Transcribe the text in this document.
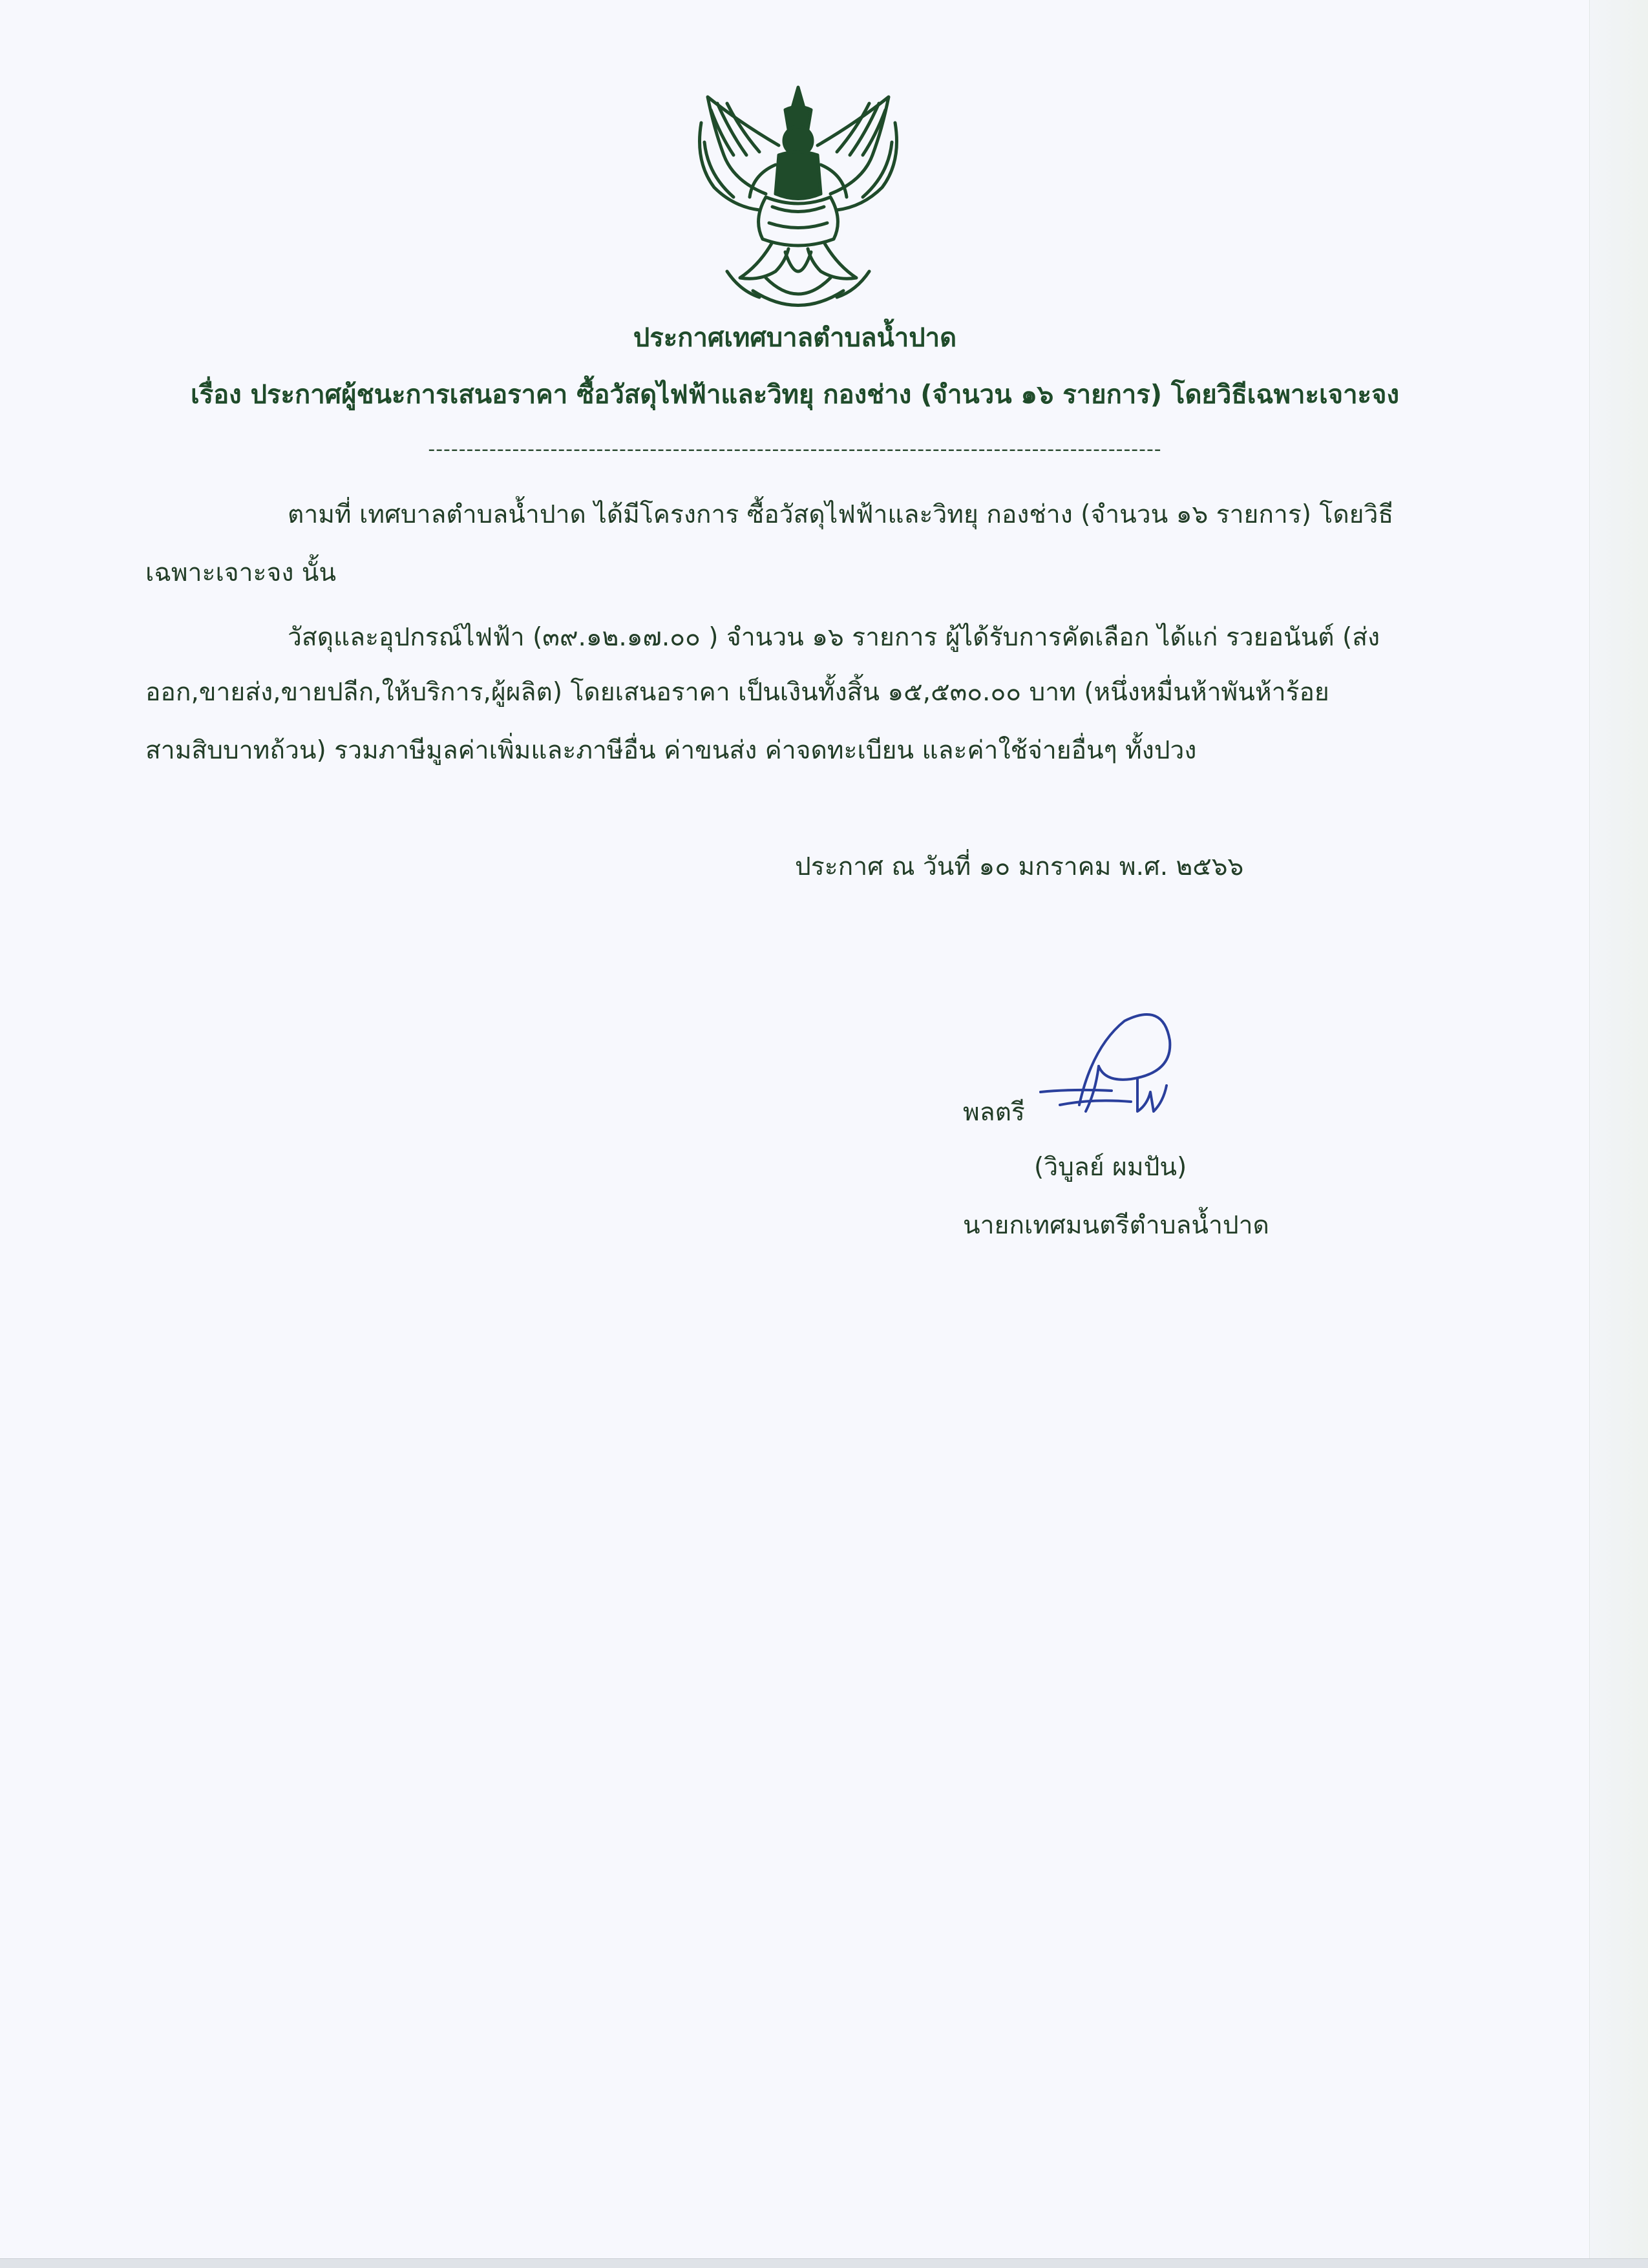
ประกาศเทศบาลตำบลน้ำปาด
เรื่อง ประกาศผู้ชนะการเสนอราคา ซื้อวัสดุไฟฟ้าและวิทยุ กองช่าง (จำนวน ๑๖ รายการ) โดยวิธีเฉพาะเจาะจง
------------------------------------------------------------------------------------------------
ตามที่ เทศบาลตำบลน้ำปาด ได้มีโครงการ ซื้อวัสดุไฟฟ้าและวิทยุ กองช่าง (จำนวน ๑๖ รายการ) โดยวิธี
เฉพาะเจาะจง นั้น
วัสดุและอุปกรณ์ไฟฟ้า (๓๙.๑๒.๑๗.๐๐ ) จำนวน ๑๖ รายการ ผู้ได้รับการคัดเลือก ได้แก่ รวยอนันต์ (ส่ง
ออก,ขายส่ง,ขายปลีก,ให้บริการ,ผู้ผลิต) โดยเสนอราคา เป็นเงินทั้งสิ้น ๑๕,๕๓๐.๐๐ บาท (หนึ่งหมื่นห้าพันห้าร้อย
สามสิบบาทถ้วน) รวมภาษีมูลค่าเพิ่มและภาษีอื่น ค่าขนส่ง ค่าจดทะเบียน และค่าใช้จ่ายอื่นๆ ทั้งปวง
ประกาศ ณ วันที่ ๑๐ มกราคม พ.ศ. ๒๕๖๖
พลตรี
(วิบูลย์ ผมปัน)
นายกเทศมนตรีตำบลน้ำปาด
